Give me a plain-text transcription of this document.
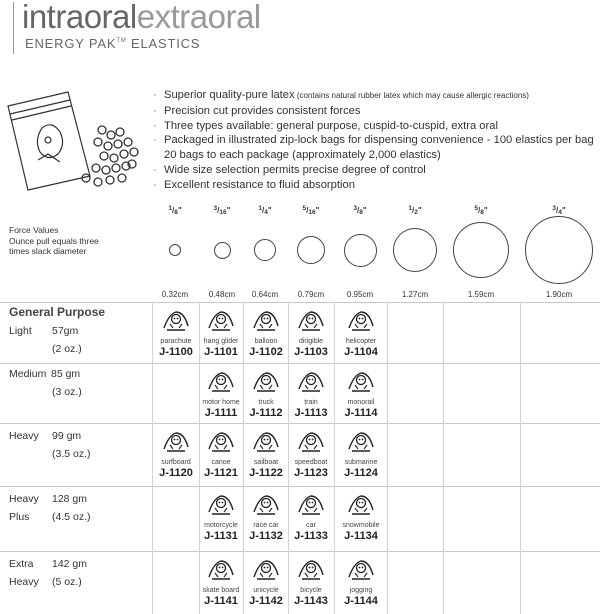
intraoralextraoral
ENERGY PAK™ ELASTICS
· Superior quality-pure latex (contains natural rubber latex which may cause allergic reactions)
· Precision cut provides consistent forces
· Three types available: general purpose, cuspid-to-cuspid, extra oral
· Packaged in illustrated zip-lock bags for dispensing convenience - 100 elastics per bag 20 bags to each package (approximately 2,000 elastics)
· Wide size selection permits precise degree of control
· Excellent resistance to fluid absorption
Force Values
Ounce pull equals three
times slack diameter
$^1/_8$"
0.32cm
$^3/_{16}$"
0.48cm
$^1/_4$"
0.64cm
$^5/_{16}$"
0.79cm
$^3/_8$"
0.95cm
$^1/_2$"
1.27cm
$^5/_8$"
1.59cm
$^3/_4$"
1.90cm
General Purpose
Light 57gm
(2 oz.)
Medium 85 gm
(3 oz.)
Heavy 99 gm
(3.5 oz.)
Heavy
Plus
128 gm
(4.5 oz.)
Extra
Heavy
142 gm
(5 oz.)
parachute
J-1100
hang glider
J-1101
balloon
J-1102
dirigible
J-1103
helicopter
J-1104
motor home
J-1111
truck
J-1112
train
J-1113
monorail
J-1114
surfboard
J-1120
canoe
J-1121
sailboat
J-1122
speedboat
J-1123
submarine
J-1124
motorcycle
J-1131
race car
J-1132
car
J-1133
snowmobile
J-1134
skate board
J-1141
unicycle
J-1142
bicycle
J-1143
jogging
J-1144
